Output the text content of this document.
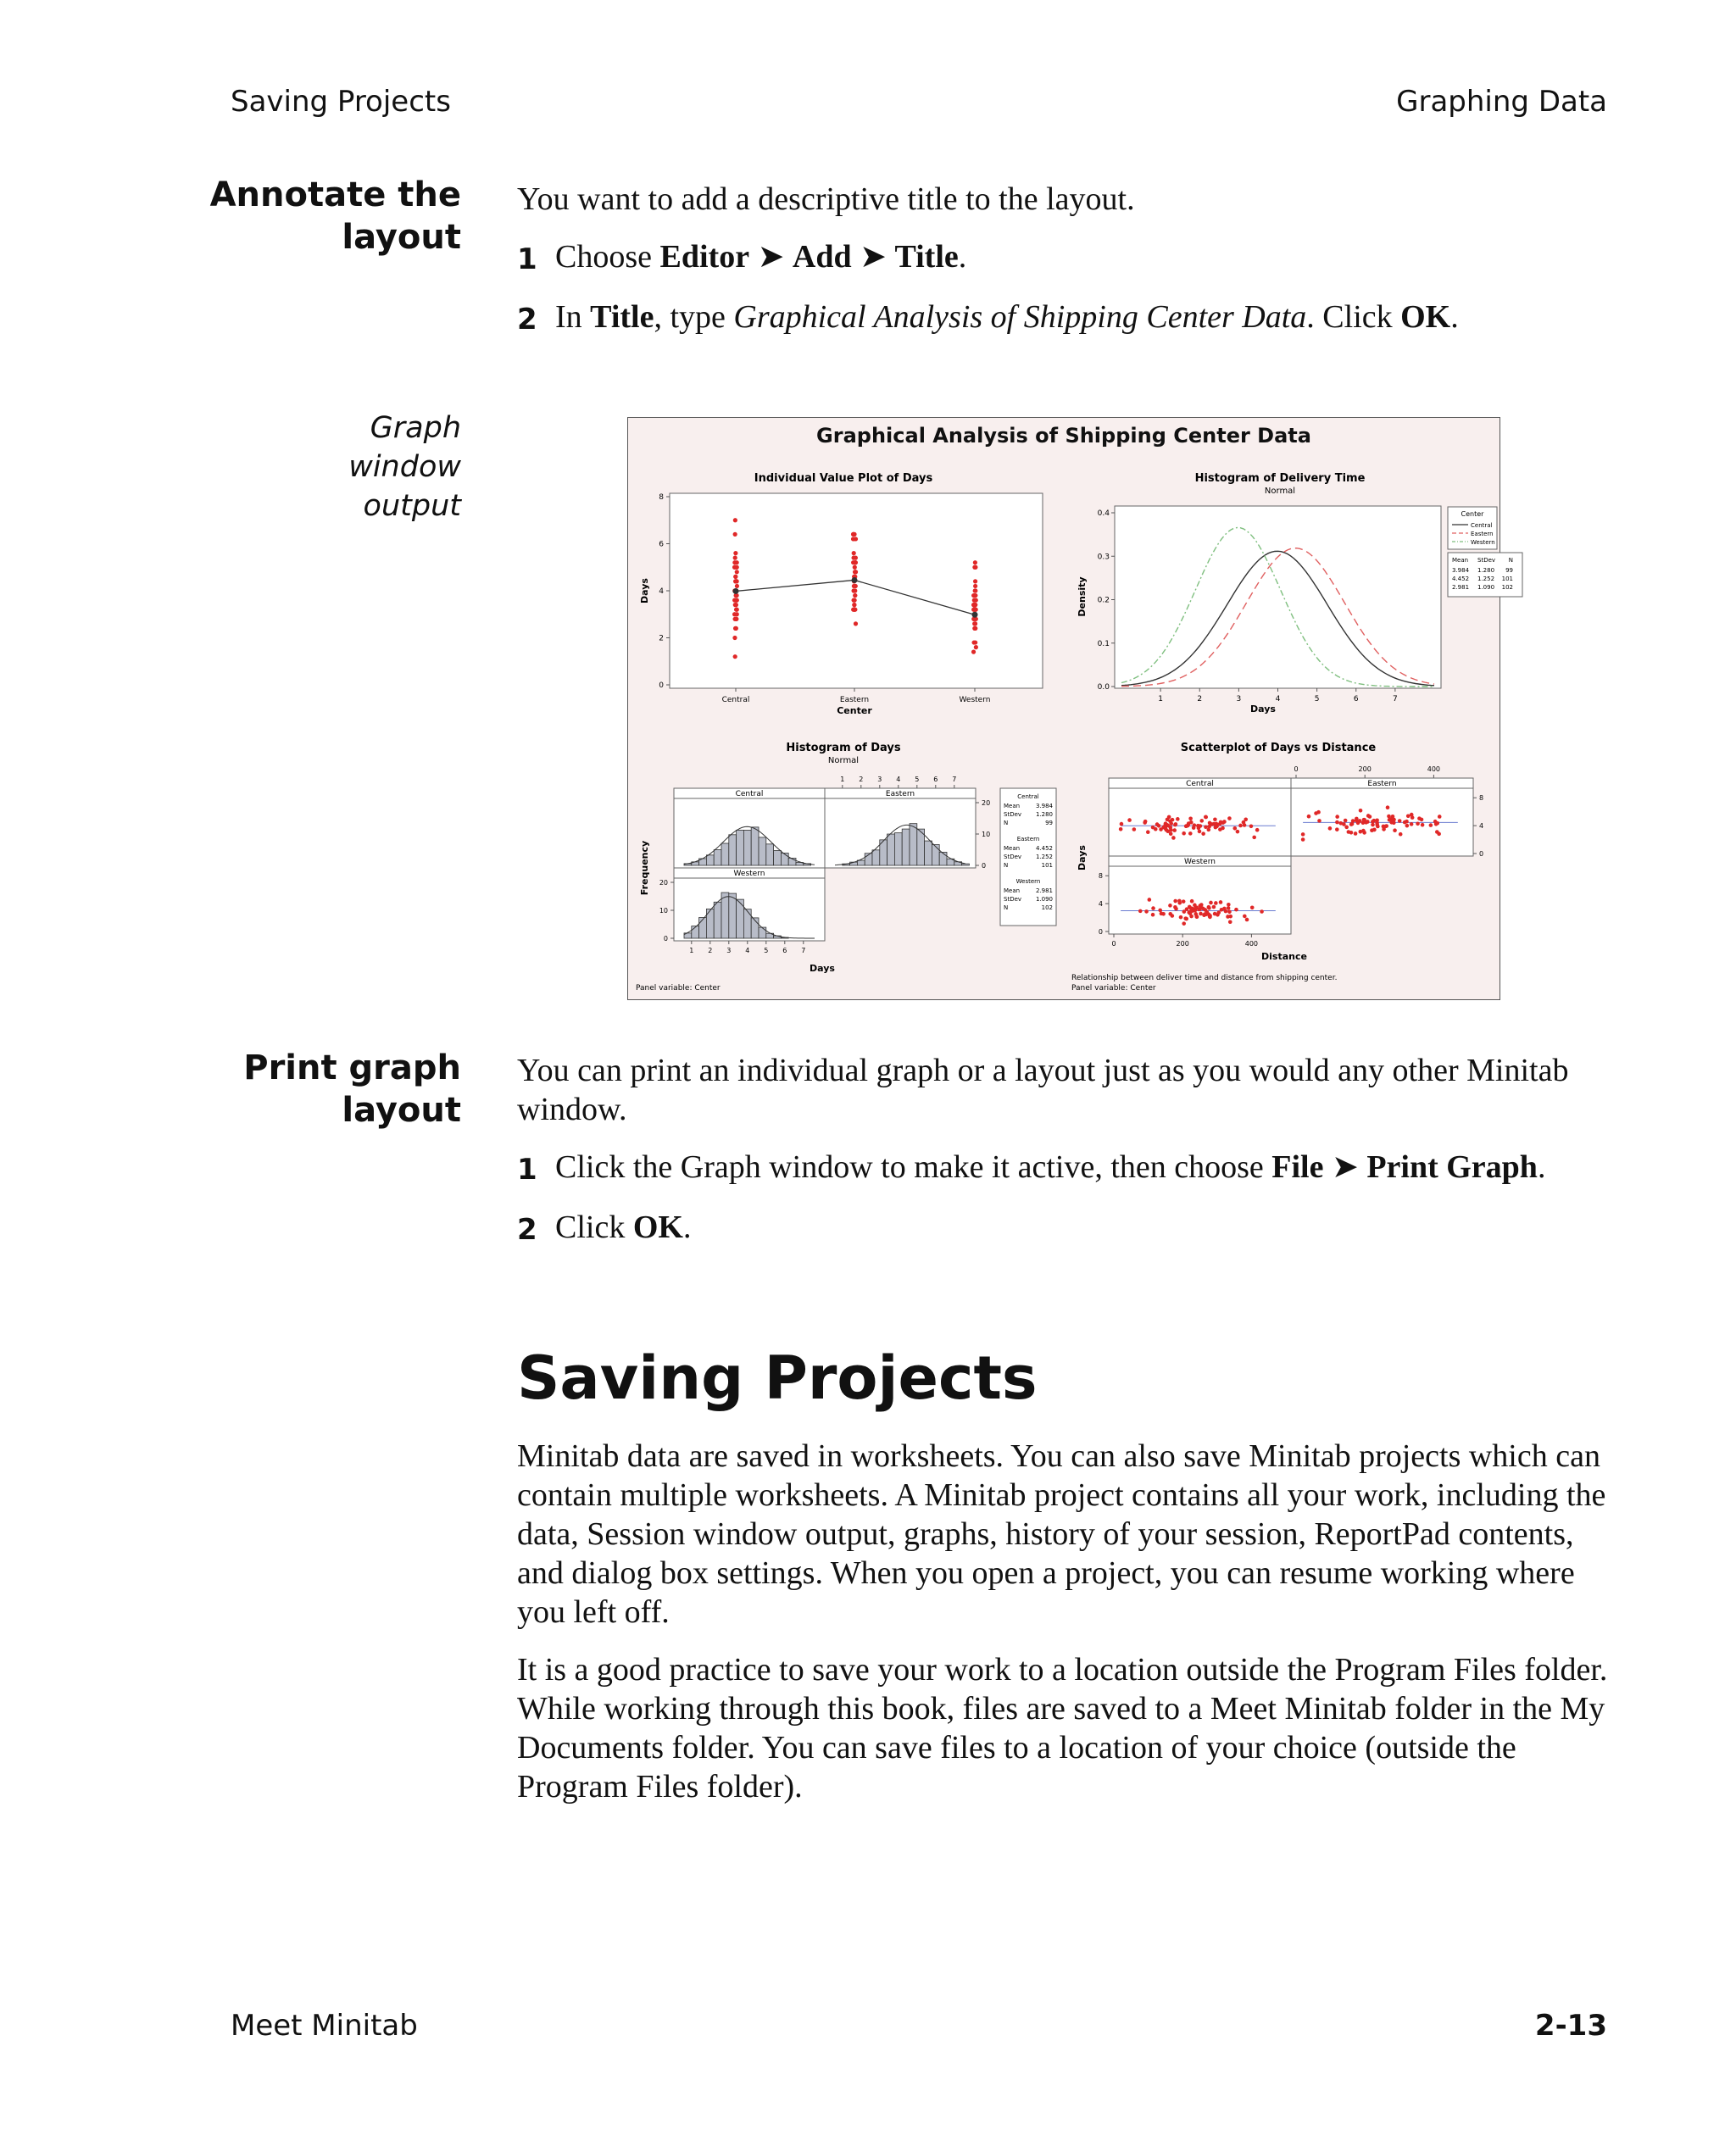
Saving Projects	Graphing Data
Annotate the
layout

You want to add a descriptive title to the layout.

1 Choose Editor ➤ Add ➤ Title.
2 In Title, type Graphical Analysis of Shipping Center Data. Click OK.
Graph
window
output
Graphical Analysis of Shipping Center Data
Individual Value Plot of Days
Days
Center
0
2
4
6
8
Central	Eastern	Western
Histogram of Delivery Time
Normal
Density
Days
0.0
0.1
0.2
0.3
0.4
1	2	3	4	5	6	7
Center
Central
Eastern
Western
Mean StDev N
3.984 1.280 99
4.452 1.252 101
2.981 1.090 102
Histogram of Days
Normal
1 2 3 4 5 6 7
Central	Eastern
Western
0
10
20
0
10
20
1 2 3 4 5 6 7
Frequency
Days
Central
Mean	3.984
StDev 1.280
N	99
Eastern
Mean	4.452
StDev 1.252
N	101
Western
Mean	2.981
StDev 1.090
N	102
Panel variable: Center
Scatterplot of Days vs Distance
0	200	400
Central	Eastern
Western
0
4
8
0
4
8
0	200	400
Days
Distance
Relationship between deliver time and distance from shipping center.
Panel variable: Center
Print graph
layout

You can print an individual graph or a layout just as you would any other Minitab window.

1 Click the Graph window to make it active, then choose File ➤ Print Graph.
2 Click OK.
Saving Projects

Minitab data are saved in worksheets. You can also save Minitab projects which can contain multiple worksheets. A Minitab project contains all your work, including the data, Session window output, graphs, history of your session, ReportPad contents, and dialog box settings. When you open a project, you can resume working where you left off.

It is a good practice to save your work to a location outside the Program Files folder. While working through this book, files are saved to a Meet Minitab folder in the My Documents folder. You can save files to a location of your choice (outside the Program Files folder).

Meet Minitab	2-13
